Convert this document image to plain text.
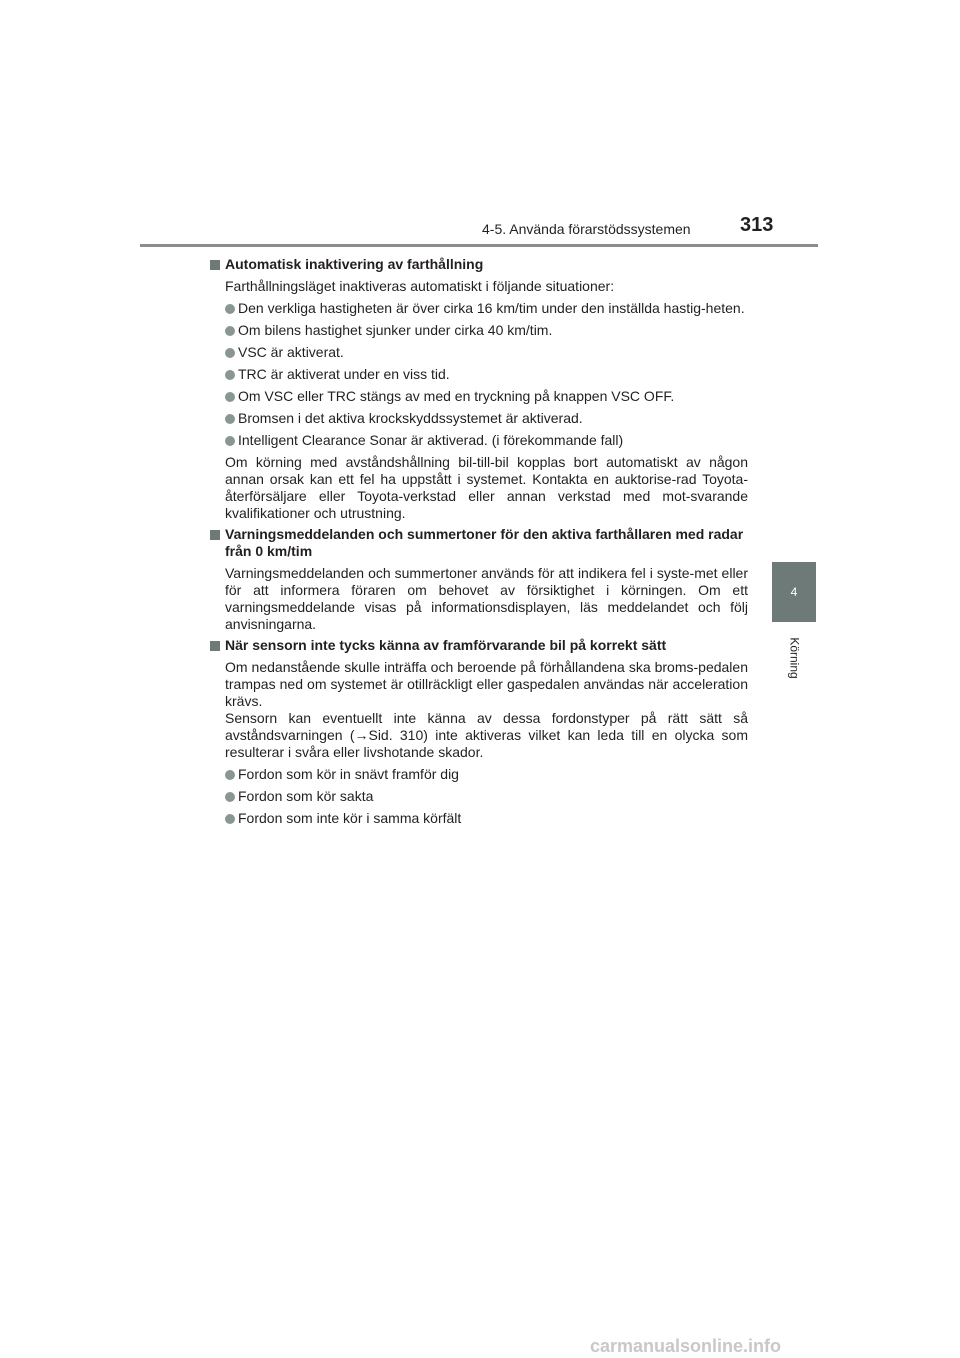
4-5. Använda förarstödssystemen 313
4
Körning
Automatisk inaktivering av farthållning
Farthållningsläget inaktiveras automatiskt i följande situationer:
Den verkliga hastigheten är över cirka 16 km/tim under den inställda hastig-heten.
Om bilens hastighet sjunker under cirka 40 km/tim.
VSC är aktiverat.
TRC är aktiverat under en viss tid.
Om VSC eller TRC stängs av med en tryckning på knappen VSC OFF.
Bromsen i det aktiva krockskyddssystemet är aktiverad.
Intelligent Clearance Sonar är aktiverad. (i förekommande fall)
Om körning med avståndshållning bil-till-bil kopplas bort automatiskt av någon annan orsak kan ett fel ha uppstått i systemet. Kontakta en auktorise-rad Toyota-återförsäljare eller Toyota-verkstad eller annan verkstad med mot-svarande kvalifikationer och utrustning.
Varningsmeddelanden och summertoner för den aktiva farthållaren med radar från 0 km/tim
Varningsmeddelanden och summertoner används för att indikera fel i syste-met eller för att informera föraren om behovet av försiktighet i körningen. Om ett varningsmeddelande visas på informationsdisplayen, läs meddelandet och följ anvisningarna.
När sensorn inte tycks känna av framförvarande bil på korrekt sätt
Om nedanstående skulle inträffa och beroende på förhållandena ska broms-pedalen trampas ned om systemet är otillräckligt eller gaspedalen användas när acceleration krävs.
Sensorn kan eventuellt inte känna av dessa fordonstyper på rätt sätt så avståndsvarningen (→Sid. 310) inte aktiveras vilket kan leda till en olycka som resulterar i svåra eller livshotande skador.
Fordon som kör in snävt framför dig
Fordon som kör sakta
Fordon som inte kör i samma körfält
carmanualsonline.info
